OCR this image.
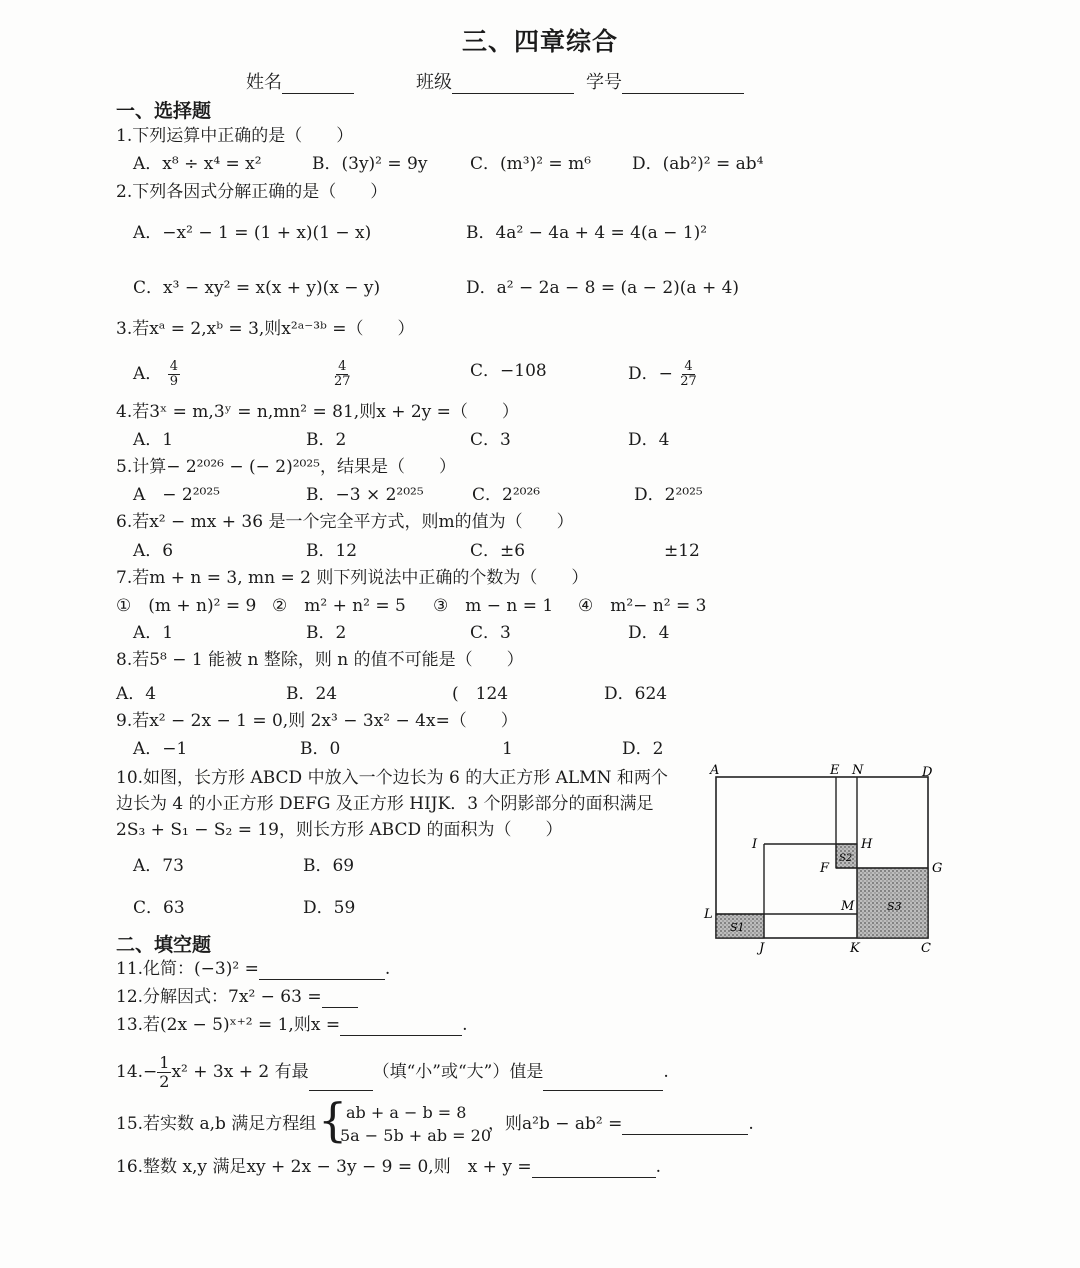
三、四章综合
姓名	班级	学号
一、选择题
1.下列运算中正确的是（　　）
A．x⁸ ÷ x⁴ = x²	B．(3y)² = 9y	C．(m³)² = m⁶ D．(ab²)² = ab⁴
2.下列各因式分解正确的是（　　）
A．−x² − 1 = (1 + x)(1 − x)	B．4a² − 4a + 4 = 4(a − 1)²
C．x³ − xy² = x(x + y)(x − y)	D．a² − 2a − 8 = (a − 2)(a + 4)
3.若xᵃ = 2,xᵇ = 3,则x²ᵃ⁻³ᵇ =（　　）
A． $\frac{4}{9}$	$\frac{4}{27}$	C．−108	D．− $\frac{4}{27}$
4.若3ˣ = m,3ʸ = n,mn² = 81,则x + 2y =（　　）
A．1	B．2	C．3	D．4
5.计算− 2²⁰²⁶ − (− 2)²⁰²⁵，结果是（　　）
A　− 2²⁰²⁵	B．−3 × 2²⁰²⁵	C．2²⁰²⁶	D．2²⁰²⁵
6.若x² − mx + 36 是一个完全平方式，则m的值为（　　）
A．6	B．12	C．±6	±12
7.若m + n = 3, mn = 2 则下列说法中正确的个数为（　　）
①　(m + n)² = 9 ②　m² + n² = 5 ③　m − n = 1 ④　m²− n² = 3
A．1	B．2	C．3	D．4
8.若5⁸ − 1 能被 n 整除，则 n 的值不可能是（　　）
A．4	B．24	(　124	D．624
9.若x² − 2x − 1 = 0,则 2x³ − 3x² − 4x=（　　）
A．−1	B．0	1	D．2
10.如图，长方形 ABCD 中放入一个边长为 6 的大正方形 ALMN 和两个
边长为 4 的小正方形 DEFG 及正方形 HIJK．3 个阴影部分的面积满足
2S₃ + S₁ − S₂ = 19，则长方形 ABCD 的面积为（　　）
A．73	B．69
C．63	D．59
A	E N	D
I	H
F	G
M
L
J	K	C
S1
S2
S3
二、填空题
11.化简：(−3)² =	.
12.分解因式：7x² − 63 =
13.若(2x − 5)ˣ⁺² = 1,则x =	.
$14.- \frac{1}{2} x^2 + 3x + 2$ 有最	（填“小”或“大”）值是	.
15.若实数 a,b 满足方程组 {
ab + a − b = 8
5a − 5b + ab = 20
，则a²b − ab² =	.
16.整数 x,y 满足xy + 2x − 3y − 9 = 0,则　x + y =	.
